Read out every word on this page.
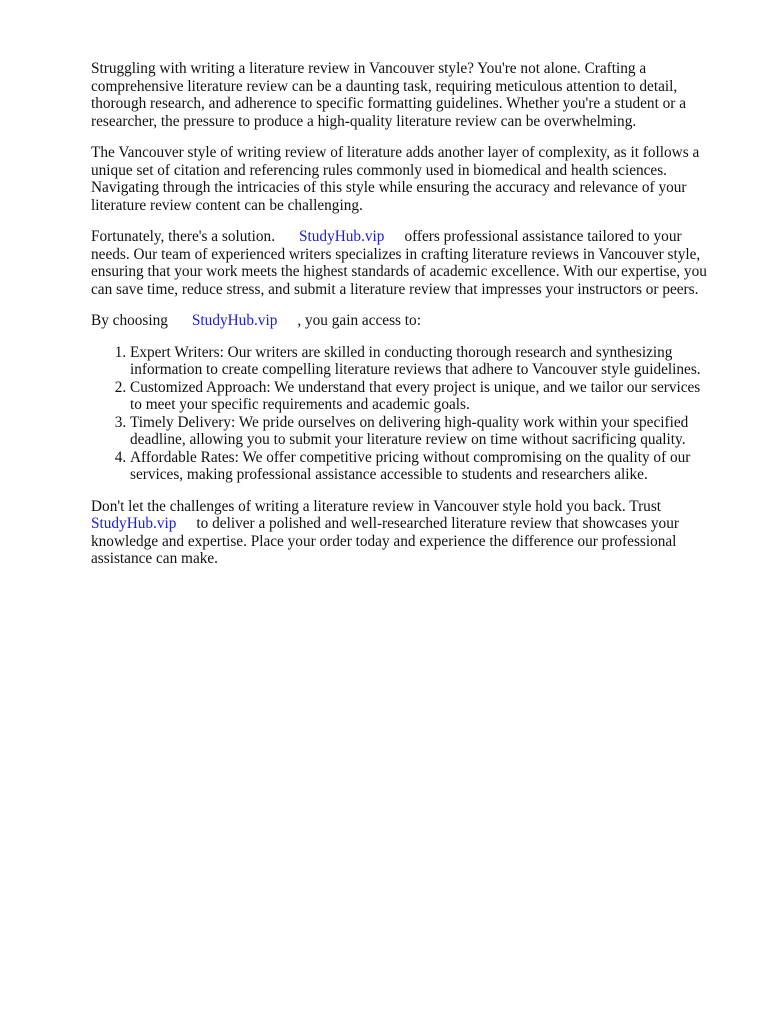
Struggling with writing a literature review in Vancouver style? You're not alone. Crafting a comprehensive literature review can be a daunting task, requiring meticulous attention to detail, thorough research, and adherence to specific formatting guidelines. Whether you're a student or a researcher, the pressure to produce a high-quality literature review can be overwhelming.

The Vancouver style of writing review of literature adds another layer of complexity, as it follows a unique set of citation and referencing rules commonly used in biomedical and health sciences. Navigating through the intricacies of this style while ensuring the accuracy and relevance of your literature review content can be challenging.

Fortunately, there's a solution. StudyHub.vip offers professional assistance tailored to your needs. Our team of experienced writers specializes in crafting literature reviews in Vancouver style, ensuring that your work meets the highest standards of academic excellence. With our expertise, you can save time, reduce stress, and submit a literature review that impresses your instructors or peers.

By choosing StudyHub.vip , you gain access to:

1. Expert Writers: Our writers are skilled in conducting thorough research and synthesizing information to create compelling literature reviews that adhere to Vancouver style guidelines.
2. Customized Approach: We understand that every project is unique, and we tailor our services to meet your specific requirements and academic goals.
3. Timely Delivery: We pride ourselves on delivering high-quality work within your specified deadline, allowing you to submit your literature review on time without sacrificing quality.
4. Affordable Rates: We offer competitive pricing without compromising on the quality of our services, making professional assistance accessible to students and researchers alike.

Don't let the challenges of writing a literature review in Vancouver style hold you back. Trust StudyHub.vip to deliver a polished and well-researched literature review that showcases your knowledge and expertise. Place your order today and experience the difference our professional assistance can make.
